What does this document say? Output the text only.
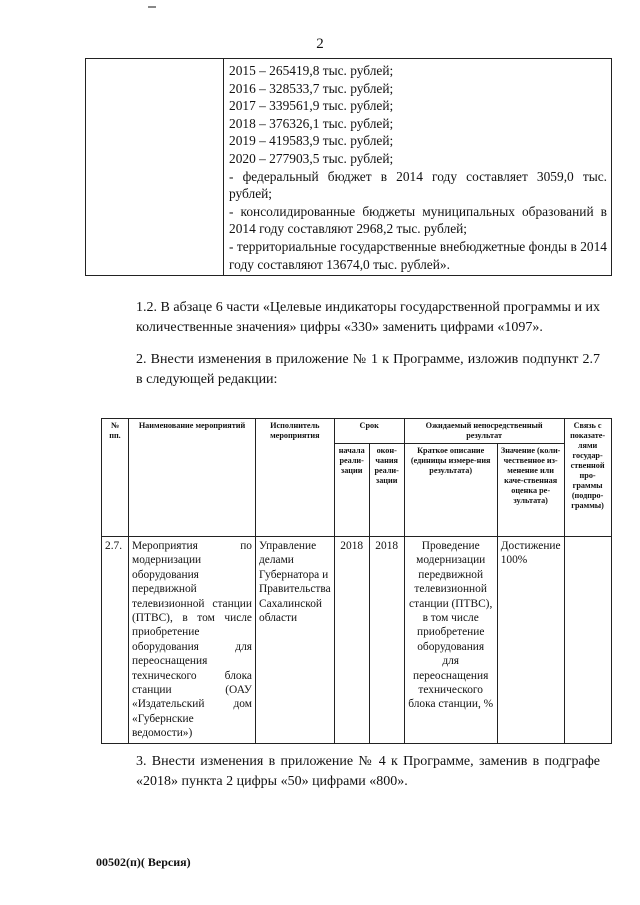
2

2015 – 265419,8 тыс. рублей;
2016 – 328533,7 тыс. рублей;
2017 – 339561,9 тыс. рублей;
2018 – 376326,1 тыс. рублей;
2019 – 419583,9 тыс. рублей;
2020 – 277903,5 тыс. рублей;
- федеральный бюджет в 2014 году составляет 3059,0 тыс. рублей;
- консолидированные бюджеты муниципальных образований в 2014 году составляют 2968,2 тыс. рублей;
- территориальные государственные внебюджетные фонды в 2014 году составляют 13674,0 тыс. рублей».
1.2. В абзаце 6 части «Целевые индикаторы государственной программы и их количественные значения» цифры «330» заменить цифрами «1097».
2. Внести изменения в приложение № 1 к Программе, изложив подпункт 2.7 в следующей редакции:
№ пп.	Наименование мероприятий	Исполнитель мероприятия	Срок		Ожидаемый непосредственный результат		Связь с показате-лями государ-ственной про-граммы (подпро-граммы)
			начала реали-зации	окон-чания реали-зации	Краткое описание (единицы измере-ния результата)	Значение (коли-чественное из-менение или каче-ственная оценка ре-зультата)	
2.7.	Мероприятия по модернизации оборудования передвижной телевизионной станции (ПТВС), в том числе приобретение оборудования для переоснащения технического блока станции (ОАУ «Издательский дом «Губернские ведомости»)	Управление делами Губернатора и Правительства Сахалинской области	2018	2018	Проведение модернизации передвижной телевизионной станции (ПТВС), в том числе приобретение оборудования для переоснащения технического блока станции, %	Достижение 100%	
3. Внести изменения в приложение № 4 к Программе, заменив в подграфе «2018» пункта 2 цифры «50» цифрами «800».
00502(п)( Версия)
